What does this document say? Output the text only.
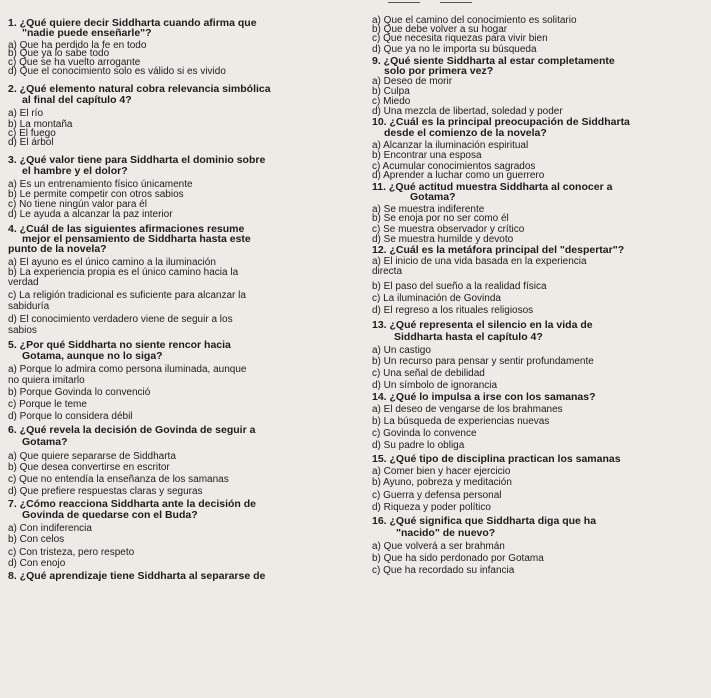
1. ¿Qué quiere decir Siddharta cuando afirma que
"nadie puede enseñarle"?
a) Que ha perdido la fe en todo
b) Que ya lo sabe todo
c) Que se ha vuelto arrogante
d) Que el conocimiento solo es válido si es vivido
2. ¿Qué elemento natural cobra relevancia simbólica
al final del capítulo 4?
a) El río
b) La montaña
c) El fuego
d) El árbol
3. ¿Qué valor tiene para Siddharta el dominio sobre
el hambre y el dolor?
a) Es un entrenamiento físico únicamente
b) Le permite competir con otros sabios
c) No tiene ningún valor para él
d) Le ayuda a alcanzar la paz interior
4. ¿Cuál de las siguientes afirmaciones resume
mejor el pensamiento de Siddharta hasta este
punto de la novela?
a) El ayuno es el único camino a la iluminación
b) La experiencia propia es el único camino hacia la
verdad
c) La religión tradicional es suficiente para alcanzar la
sabiduría
d) El conocimiento verdadero viene de seguir a los
sabios
5. ¿Por qué Siddharta no siente rencor hacia
Gotama, aunque no lo siga?
a) Porque lo admira como persona iluminada, aunque
no quiera imitarlo
b) Porque Govinda lo convenció
c) Porque le teme
d) Porque lo considera débil
6. ¿Qué revela la decisión de Govinda de seguir a
Gotama?
a) Que quiere separarse de Siddharta
b) Que desea convertirse en escritor
c) Que no entendía la enseñanza de los samanas
d) Que prefiere respuestas claras y seguras
7. ¿Cómo reacciona Siddharta ante la decisión de
Govinda de quedarse con el Buda?
a) Con indiferencia
b) Con celos
c) Con tristeza, pero respeto
d) Con enojo
8. ¿Qué aprendizaje tiene Siddharta al separarse de
a) Que el camino del conocimiento es solitario
b) Que debe volver a su hogar
c) Que necesita riquezas para vivir bien
d) Que ya no le importa su búsqueda
9. ¿Qué siente Siddharta al estar completamente
solo por primera vez?
a) Deseo de morir
b) Culpa
c) Miedo
d) Una mezcla de libertad, soledad y poder
10. ¿Cuál es la principal preocupación de Siddharta
desde el comienzo de la novela?
a) Alcanzar la iluminación espiritual
b) Encontrar una esposa
c) Acumular conocimientos sagrados
d) Aprender a luchar como un guerrero
11. ¿Qué actitud muestra Siddharta al conocer a
Gotama?
a) Se muestra indiferente
b) Se enoja por no ser como él
c) Se muestra observador y crítico
d) Se muestra humilde y devoto
12. ¿Cuál es la metáfora principal del "despertar"?
a) El inicio de una vida basada en la experiencia
directa
b) El paso del sueño a la realidad física
c) La iluminación de Govinda
d) El regreso a los rituales religiosos
13. ¿Qué representa el silencio en la vida de
Siddharta hasta el capítulo 4?
a) Un castigo
b) Un recurso para pensar y sentir profundamente
c) Una señal de debilidad
d) Un símbolo de ignorancia
14. ¿Qué lo impulsa a irse con los samanas?
a) El deseo de vengarse de los brahmanes
b) La búsqueda de experiencias nuevas
c) Govinda lo convence
d) Su padre lo obliga
15. ¿Qué tipo de disciplina practican los samanas
a) Comer bien y hacer ejercicio
b) Ayuno, pobreza y meditación
c) Guerra y defensa personal
d) Riqueza y poder político
16. ¿Qué significa que Siddharta diga que ha
"nacido" de nuevo?
a) Que volverá a ser brahmán
b) Que ha sido perdonado por Gotama
c) Que ha recordado su infancia
